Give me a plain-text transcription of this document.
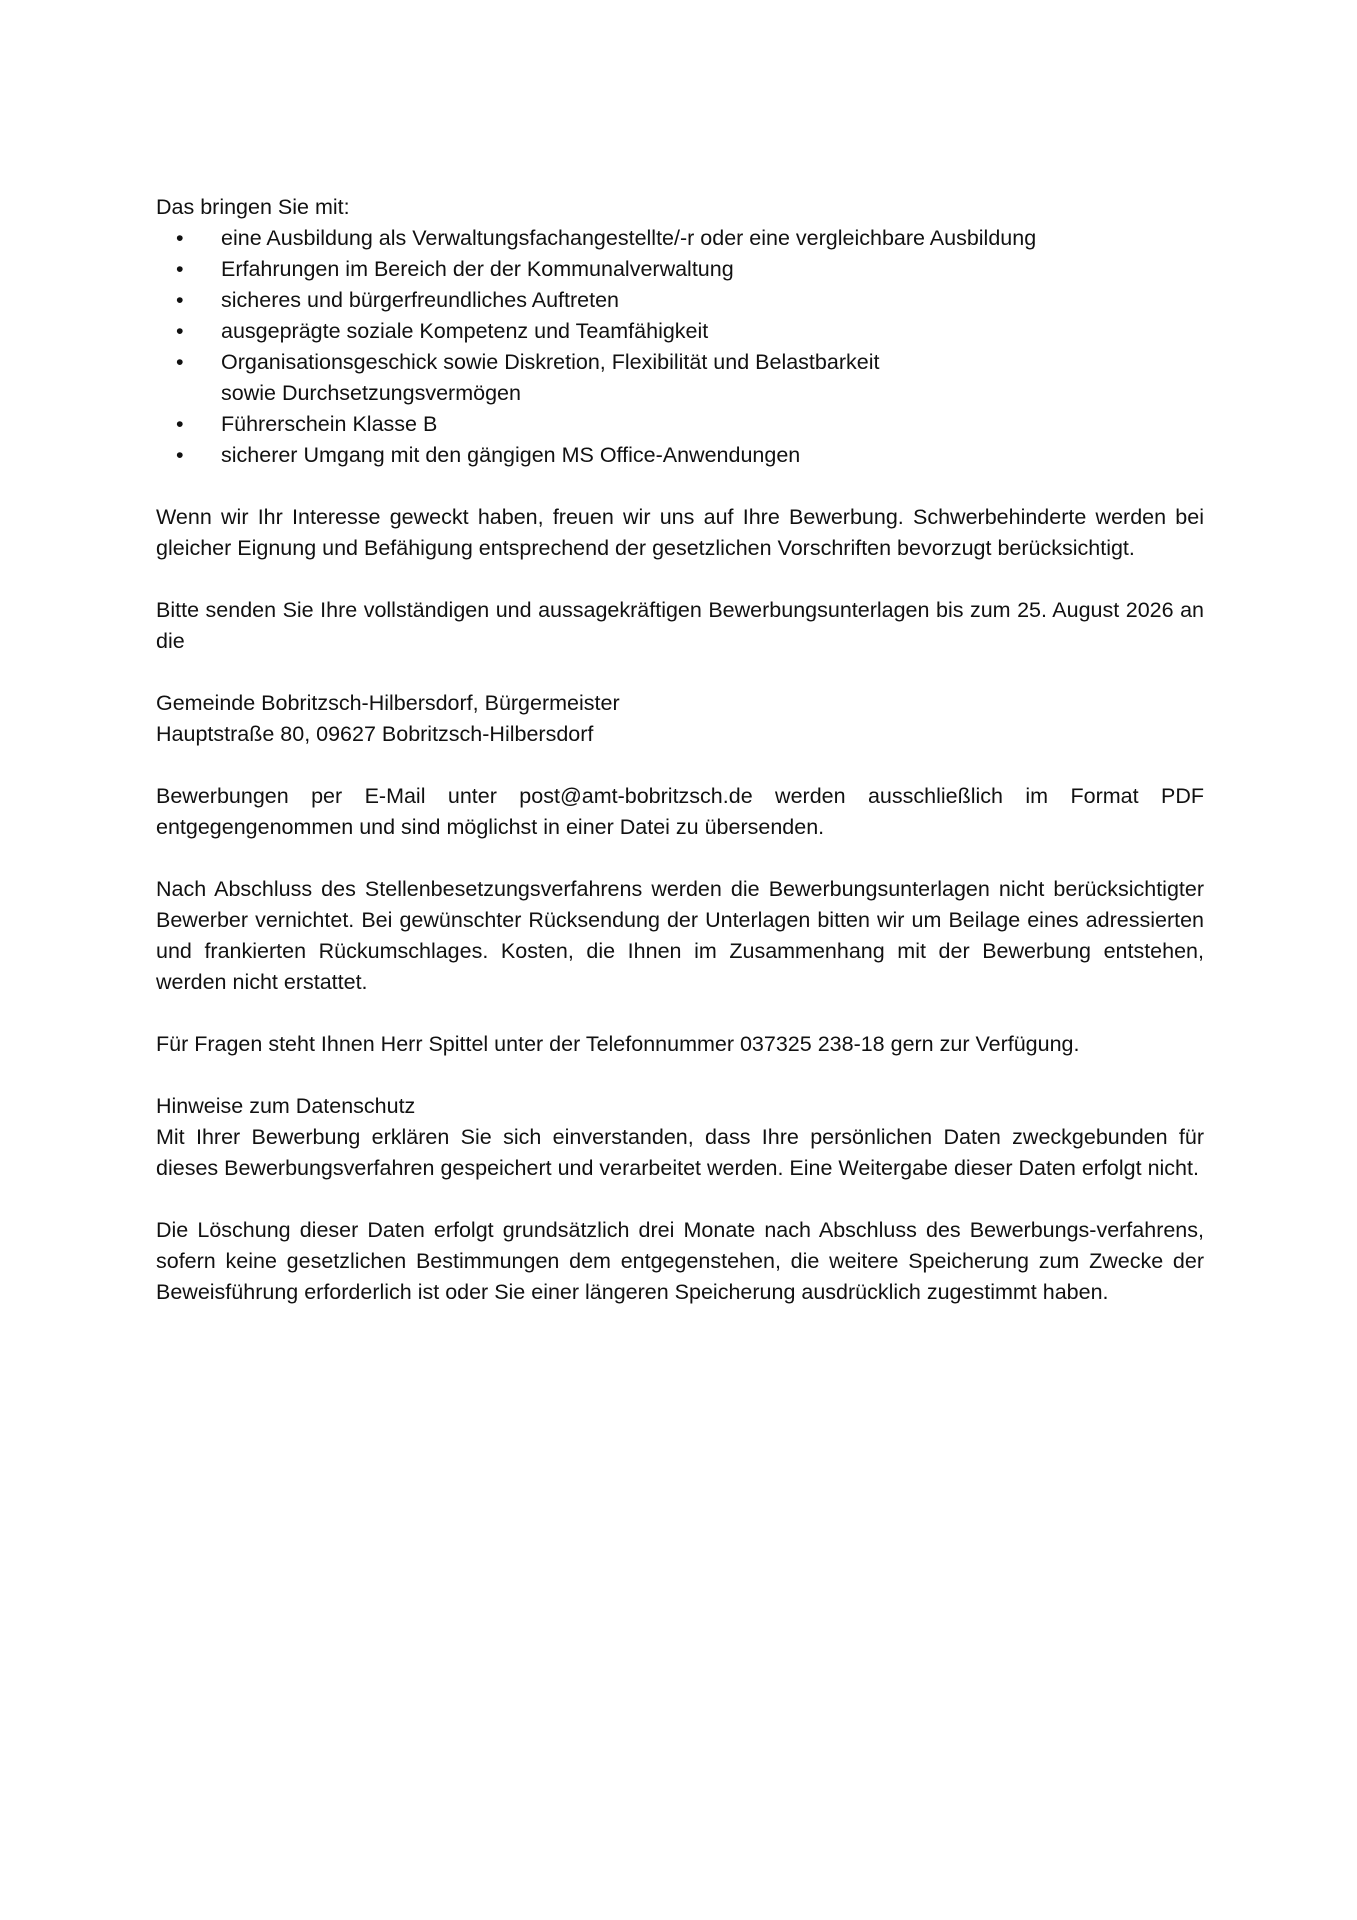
Das bringen Sie mit:

• eine Ausbildung als Verwaltungsfachangestellte/-r oder eine vergleichbare Ausbildung
• Erfahrungen im Bereich der der Kommunalverwaltung
• sicheres und bürgerfreundliches Auftreten
• ausgeprägte soziale Kompetenz und Teamfähigkeit
• Organisationsgeschick sowie Diskretion, Flexibilität und Belastbarkeit sowie Durchsetzungsvermögen
• Führerschein Klasse B
• sicherer Umgang mit den gängigen MS Office-Anwendungen

Wenn wir Ihr Interesse geweckt haben, freuen wir uns auf Ihre Bewerbung. Schwerbehinderte werden bei gleicher Eignung und Befähigung entsprechend der gesetzlichen Vorschriften bevorzugt berücksichtigt.

Bitte senden Sie Ihre vollständigen und aussagekräftigen Bewerbungsunterlagen bis zum 25. August 2026 an die

Gemeinde Bobritzsch-Hilbersdorf, Bürgermeister
Hauptstraße 80, 09627 Bobritzsch-Hilbersdorf

Bewerbungen per E-Mail unter post@amt-bobritzsch.de werden ausschließlich im Format PDF entgegengenommen und sind möglichst in einer Datei zu übersenden.

Nach Abschluss des Stellenbesetzungsverfahrens werden die Bewerbungsunterlagen nicht berücksichtigter Bewerber vernichtet. Bei gewünschter Rücksendung der Unterlagen bitten wir um Beilage eines adressierten und frankierten Rückumschlages. Kosten, die Ihnen im Zusammenhang mit der Bewerbung entstehen, werden nicht erstattet.

Für Fragen steht Ihnen Herr Spittel unter der Telefonnummer 037325 238-18 gern zur Verfügung.

Hinweise zum Datenschutz

Mit Ihrer Bewerbung erklären Sie sich einverstanden, dass Ihre persönlichen Daten zweckgebunden für dieses Bewerbungsverfahren gespeichert und verarbeitet werden. Eine Weitergabe dieser Daten erfolgt nicht.

Die Löschung dieser Daten erfolgt grundsätzlich drei Monate nach Abschluss des Bewerbungs-verfahrens, sofern keine gesetzlichen Bestimmungen dem entgegenstehen, die weitere Speicherung zum Zwecke der Beweisführung erforderlich ist oder Sie einer längeren Speicherung ausdrücklich zugestimmt haben.
